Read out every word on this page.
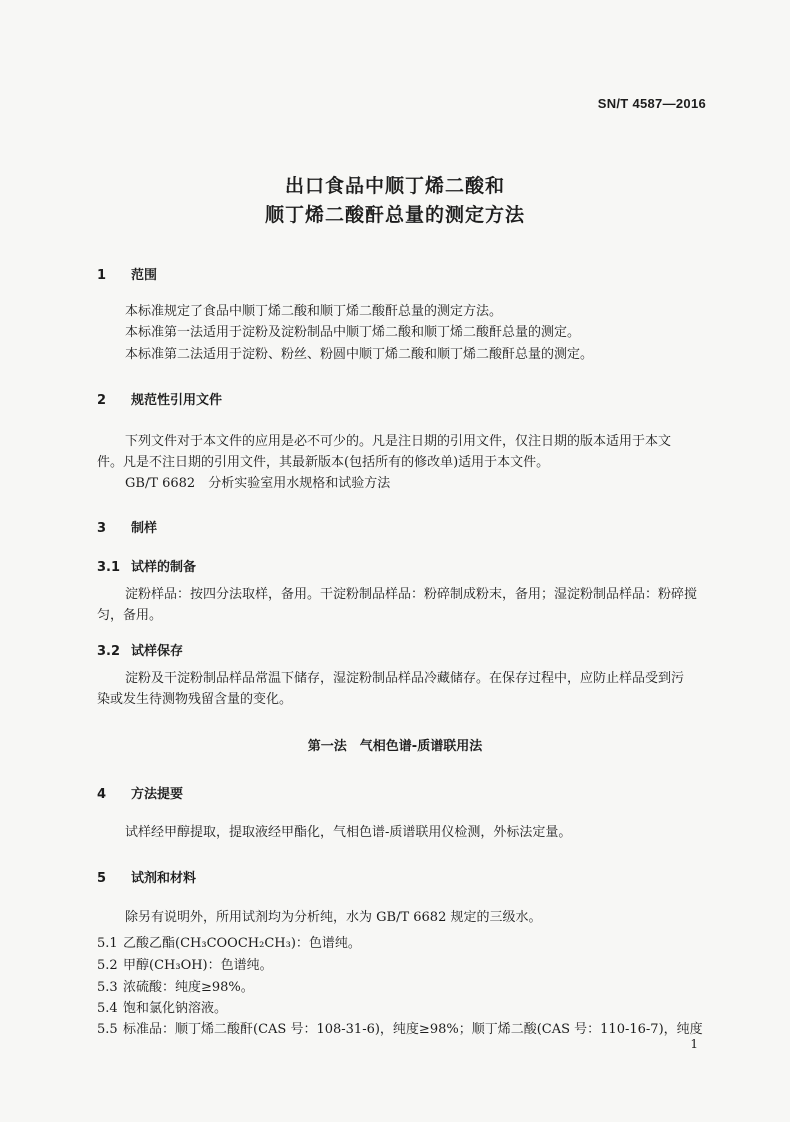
SN/T 4587—2016
出口食品中顺丁烯二酸和
顺丁烯二酸酐总量的测定方法
1 范围
本标准规定了食品中顺丁烯二酸和顺丁烯二酸酐总量的测定方法。
本标准第一法适用于淀粉及淀粉制品中顺丁烯二酸和顺丁烯二酸酐总量的测定。
本标准第二法适用于淀粉、粉丝、粉圆中顺丁烯二酸和顺丁烯二酸酐总量的测定。
2 规范性引用文件
下列文件对于本文件的应用是必不可少的。凡是注日期的引用文件，仅注日期的版本适用于本文
件。凡是不注日期的引用文件，其最新版本(包括所有的修改单)适用于本文件。
GB/T 6682　分析实验室用水规格和试验方法
3 制样
3.1 试样的制备
淀粉样品：按四分法取样，备用。干淀粉制品样品：粉碎制成粉末，备用；湿淀粉制品样品：粉碎搅
匀，备用。
3.2 试样保存
淀粉及干淀粉制品样品常温下储存，湿淀粉制品样品冷藏储存。在保存过程中，应防止样品受到污
染或发生待测物残留含量的变化。
第一法　气相色谱-质谱联用法
4 方法提要
试样经甲醇提取，提取液经甲酯化，气相色谱-质谱联用仪检测，外标法定量。
5 试剂和材料
除另有说明外，所用试剂均为分析纯，水为 GB/T 6682 规定的三级水。
5.1 乙酸乙酯(CH₃COOCH₂CH₃)：色谱纯。
5.2 甲醇(CH₃OH)：色谱纯。
5.3 浓硫酸：纯度≥98%。
5.4 饱和氯化钠溶液。
5.5 标准品：顺丁烯二酸酐(CAS 号：108-31-6)，纯度≥98%；顺丁烯二酸(CAS 号：110-16-7)，纯度
1
